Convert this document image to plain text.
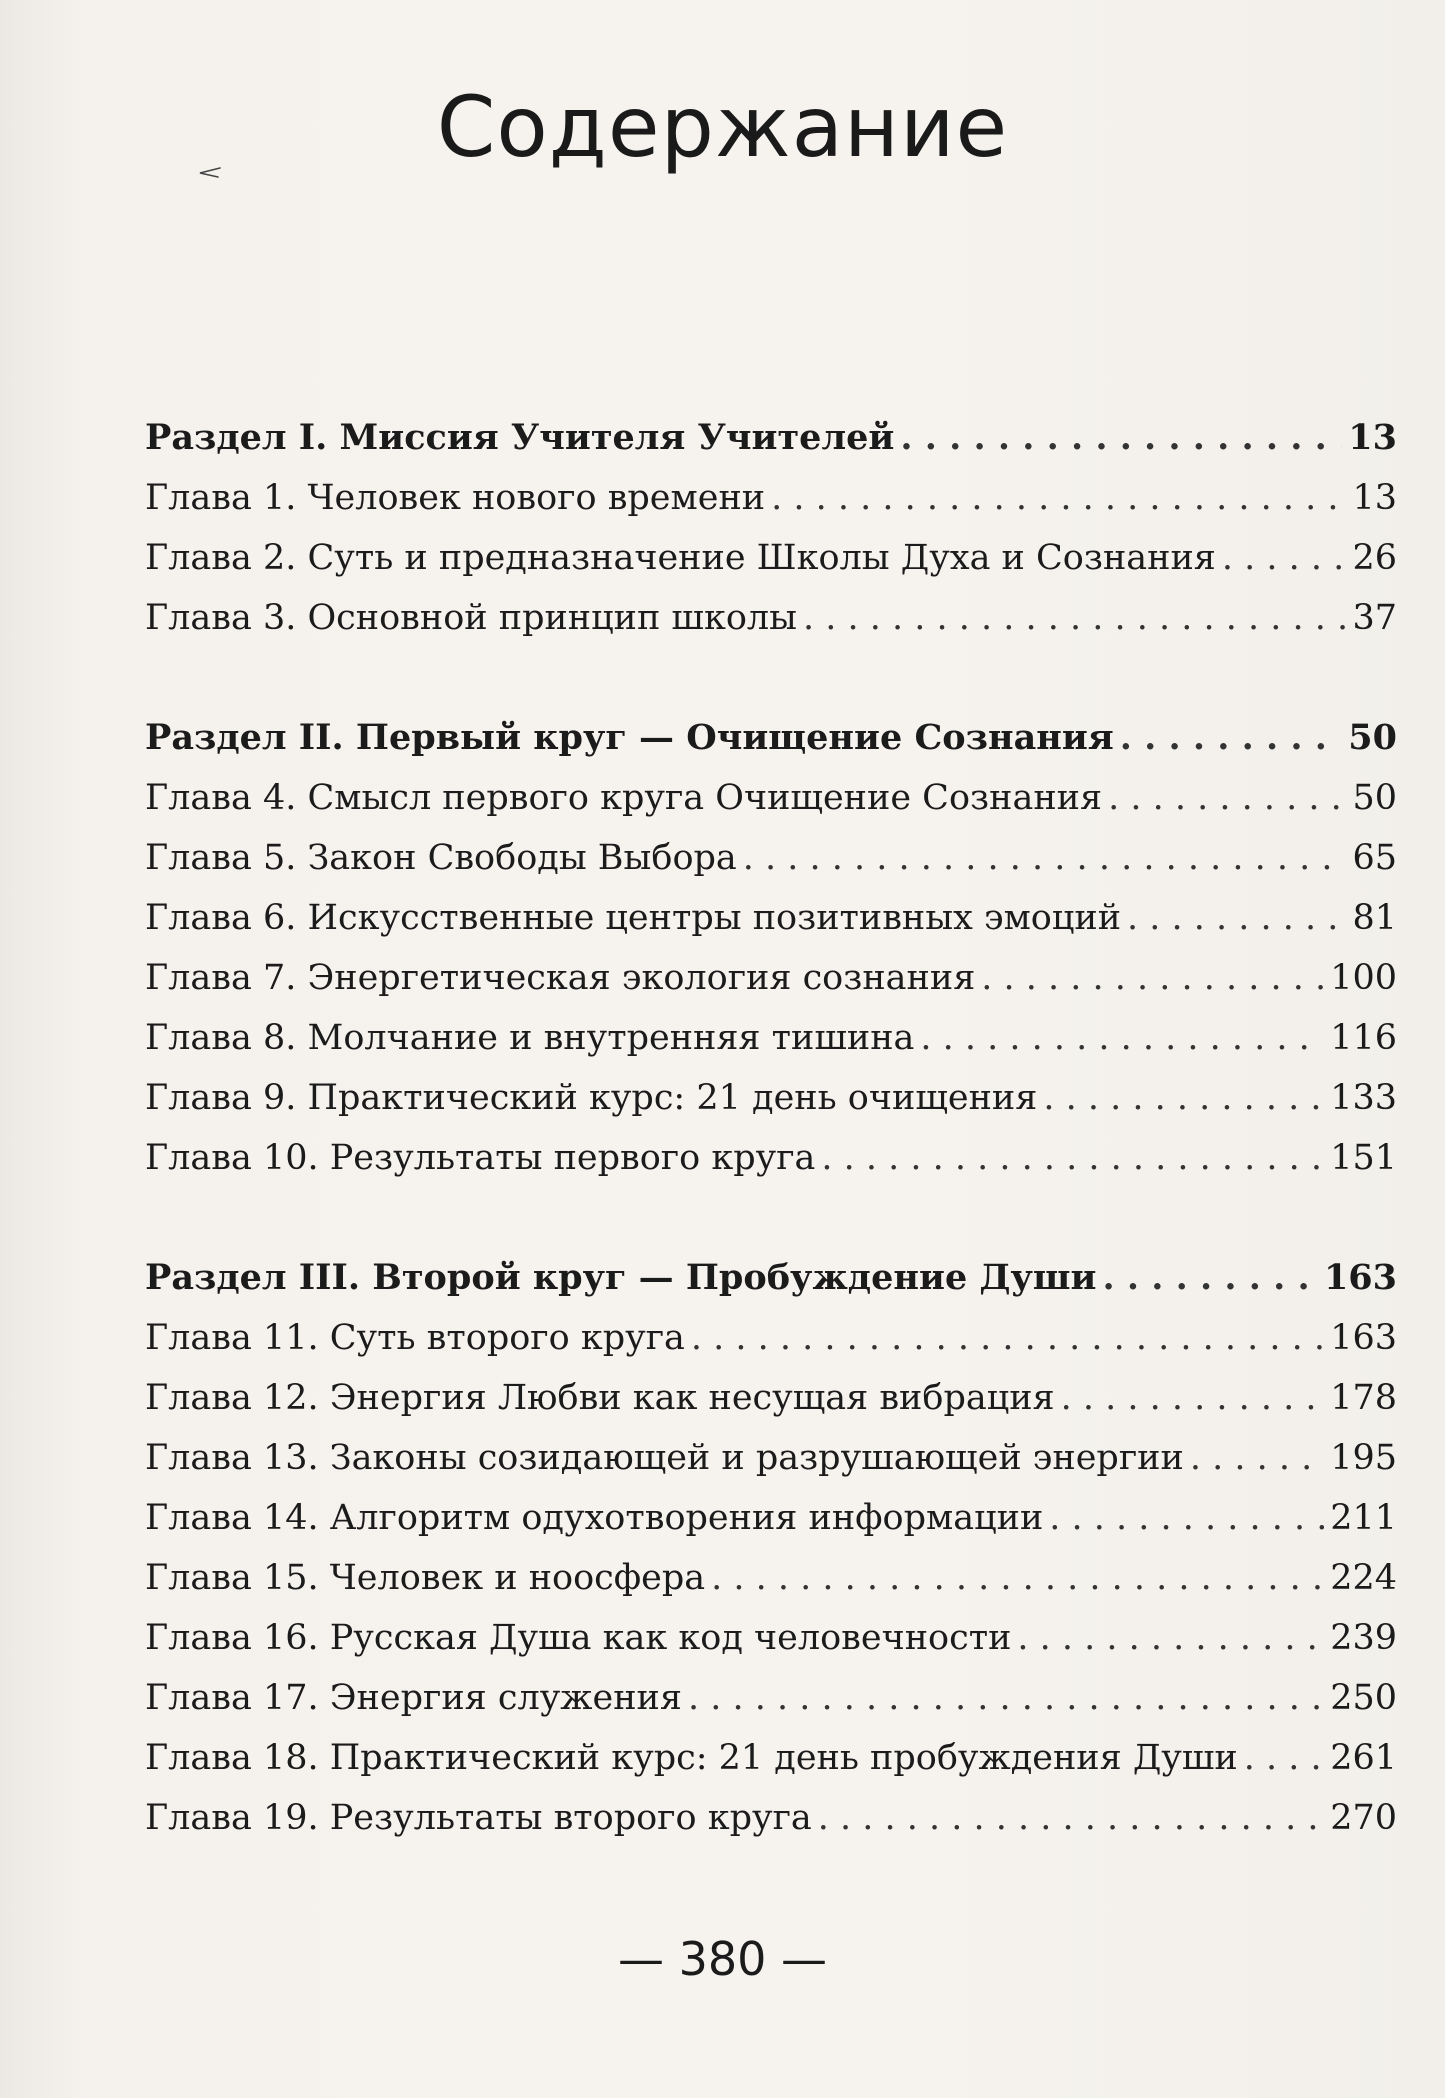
Содержание
Раздел I. Миссия Учителя Учителей . . .	13
Глава 1. Человек нового времени . . .	13
Глава 2. Суть и предназначение Школы Духа и Сознания . . .	26
Глава 3. Основной принцип школы . . .	37
Раздел II. Первый круг — Очищение Сознания . . .	50
Глава 4. Смысл первого круга Очищение Сознания . . .	50
Глава 5. Закон Свободы Выбора . . .	65
Глава 6. Искусственные центры позитивных эмоций . . .	81
Глава 7. Энергетическая экология сознания . . .	100
Глава 8. Молчание и внутренняя тишина . . .	116
Глава 9. Практический курс: 21 день очищения . . .	133
Глава 10. Результаты первого круга . . .	151
Раздел III. Второй круг — Пробуждение Души . . .	163
Глава 11. Суть второго круга . . .	163
Глава 12. Энергия Любви как несущая вибрация . . .	178
Глава 13. Законы созидающей и разрушающей энергии . . .	195
Глава 14. Алгоритм одухотворения информации . . .	211
Глава 15. Человек и ноосфера . . .	224
Глава 16. Русская Душа как код человечности . . .	239
Глава 17. Энергия служения . . .	250
Глава 18. Практический курс: 21 день пробуждения Души . . .	261
Глава 19. Результаты второго круга . . .	270
— 380 —
